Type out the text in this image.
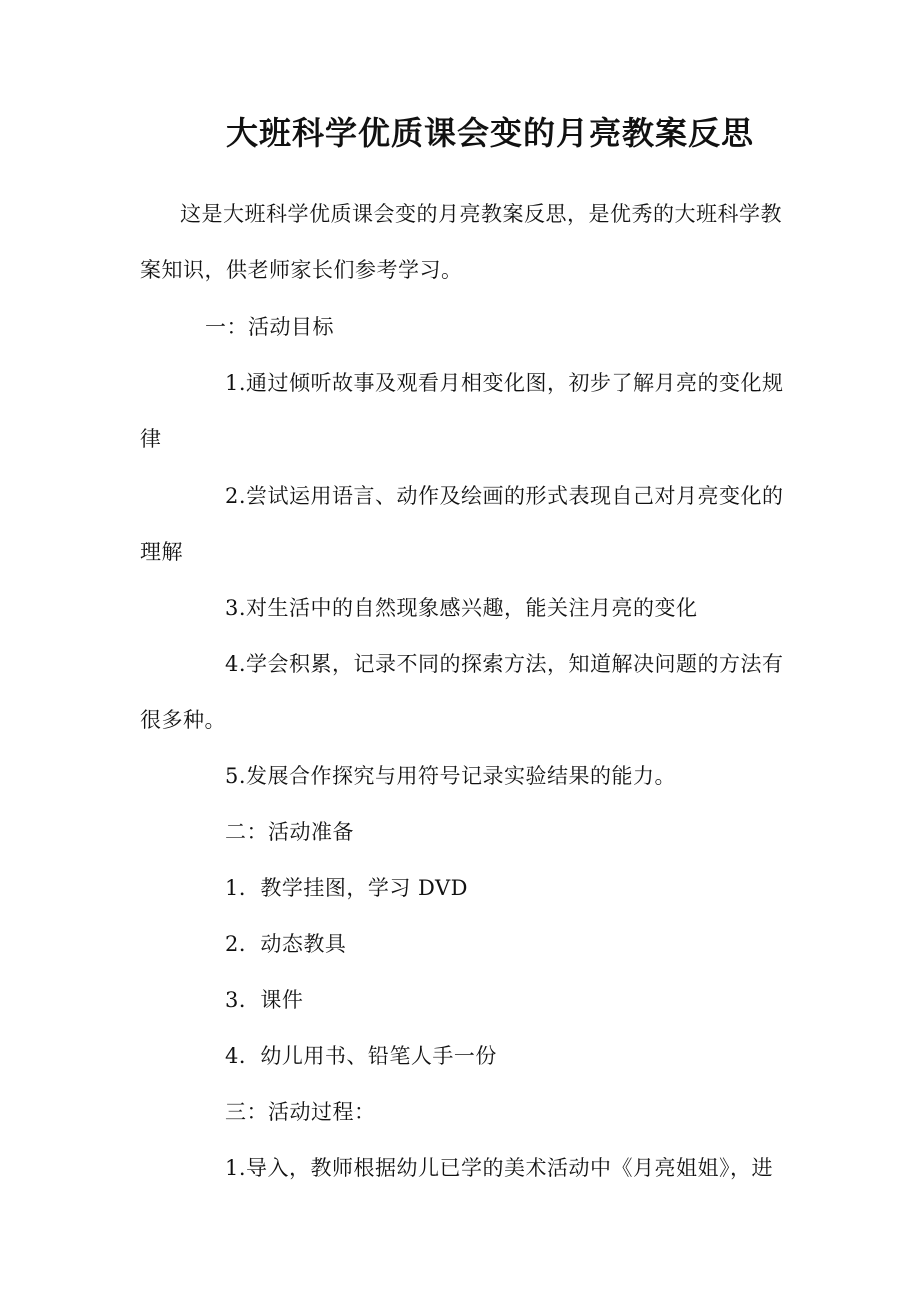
大班科学优质课会变的月亮教案反思
这是大班科学优质课会变的月亮教案反思，是优秀的大班科学教
案知识，供老师家长们参考学习。
一：活动目标
1.通过倾听故事及观看月相变化图，初步了解月亮的变化规
律
2.尝试运用语言、动作及绘画的形式表现自己对月亮变化的
理解
3.对生活中的自然现象感兴趣，能关注月亮的变化
4.学会积累，记录不同的探索方法，知道解决问题的方法有
很多种。
5.发展合作探究与用符号记录实验结果的能力。
二：活动准备
1．教学挂图，学习 DVD
2．动态教具
3．课件
4．幼儿用书、铅笔人手一份
三：活动过程：
1.导入，教师根据幼儿已学的美术活动中《月亮姐姐》，进
